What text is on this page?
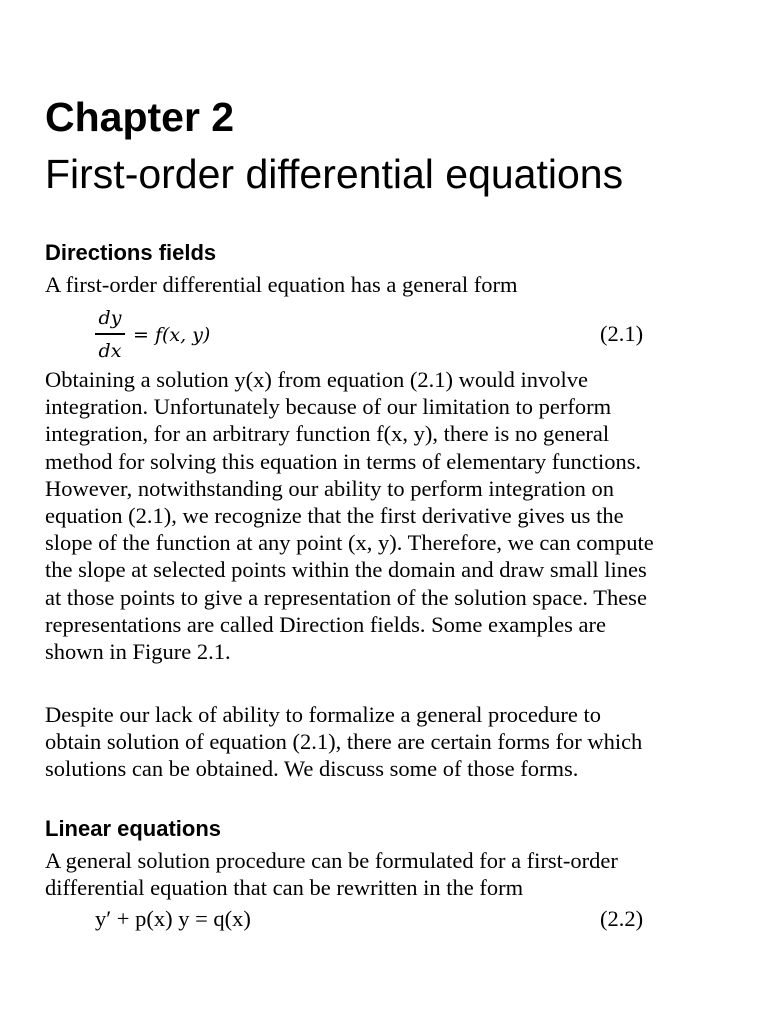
Chapter 2
First-order differential equations
Directions fields
A first-order differential equation has a general form
dy
dx
= f(x, y)	(2.1)
Obtaining a solution y(x) from equation (2.1) would involve
integration. Unfortunately because of our limitation to perform
integration, for an arbitrary function f(x, y), there is no general
method for solving this equation in terms of elementary functions.
However, notwithstanding our ability to perform integration on
equation (2.1), we recognize that the first derivative gives us the
slope of the function at any point (x, y). Therefore, we can compute
the slope at selected points within the domain and draw small lines
at those points to give a representation of the solution space. These
representations are called Direction fields. Some examples are
shown in Figure 2.1.
Despite our lack of ability to formalize a general procedure to
obtain solution of equation (2.1), there are certain forms for which
solutions can be obtained. We discuss some of those forms.
Linear equations
A general solution procedure can be formulated for a first-order
differential equation that can be rewritten in the form
y′ + p(x) y = q(x)	(2.2)
